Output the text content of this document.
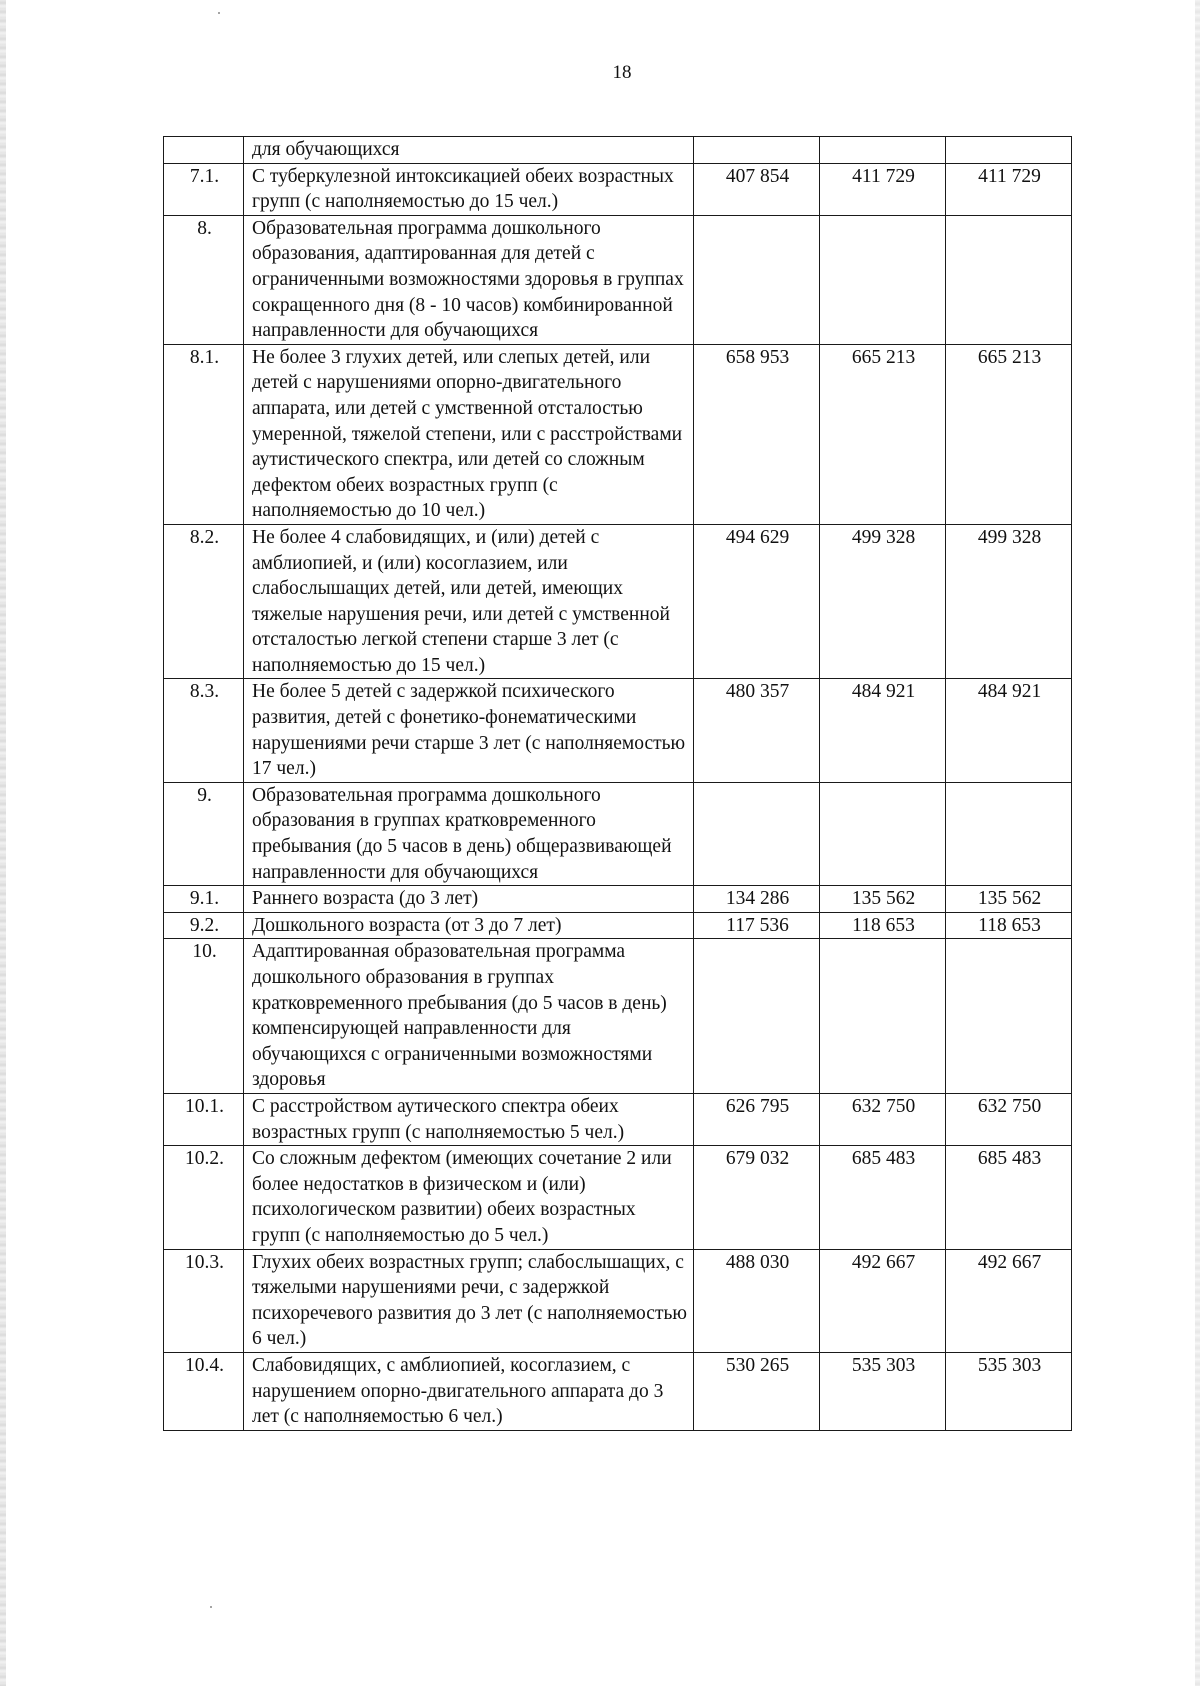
18
	для обучающихся			
7.1.	С туберкулезной интоксикацией обеих возрастных групп (с наполняемостью до 15 чел.)	407 854	411 729	411 729
8.	Образовательная программа дошкольного образования, адаптированная для детей с ограниченными возможностями здоровья в группах сокращенного дня (8 - 10 часов) комбинированной направленности для обучающихся			
8.1.	Не более 3 глухих детей, или слепых детей, или детей с нарушениями опорно-двигательного аппарата, или детей с умственной отсталостью умеренной, тяжелой степени, или с расстройствами аутистического спектра, или детей со сложным дефектом обеих возрастных групп (с наполняемостью до 10 чел.)	658 953	665 213	665 213
8.2.	Не более 4 слабовидящих, и (или) детей с амблиопией, и (или) косоглазием, или слабослышащих детей, или детей, имеющих тяжелые нарушения речи, или детей с умственной отсталостью легкой степени старше 3 лет (с наполняемостью до 15 чел.)	494 629	499 328	499 328
8.3.	Не более 5 детей с задержкой психического развития, детей с фонетико-фонематическими нарушениями речи старше 3 лет (с наполняемостью 17 чел.)	480 357	484 921	484 921
9.	Образовательная программа дошкольного образования в группах кратковременного пребывания (до 5 часов в день) общеразвивающей направленности для обучающихся			
9.1.	Раннего возраста (до 3 лет)	134 286	135 562	135 562
9.2.	Дошкольного возраста (от 3 до 7 лет)	117 536	118 653	118 653
10.	Адаптированная образовательная программа дошкольного образования в группах кратковременного пребывания (до 5 часов в день) компенсирующей направленности для обучающихся с ограниченными возможностями здоровья			
10.1.	С расстройством аутического спектра обеих возрастных групп (с наполняемостью 5 чел.)	626 795	632 750	632 750
10.2.	Со сложным дефектом (имеющих сочетание 2 или более недостатков в физическом и (или) психологическом развитии) обеих возрастных групп (с наполняемостью до 5 чел.)	679 032	685 483	685 483
10.3.	Глухих обеих возрастных групп; слабослышащих, с тяжелыми нарушениями речи, с задержкой психоречевого развития до 3 лет (с наполняемостью 6 чел.)	488 030	492 667	492 667
10.4.	Слабовидящих, с амблиопией, косоглазием, с нарушением опорно-двигательного аппарата до 3 лет (с наполняемостью 6 чел.)	530 265	535 303	535 303
